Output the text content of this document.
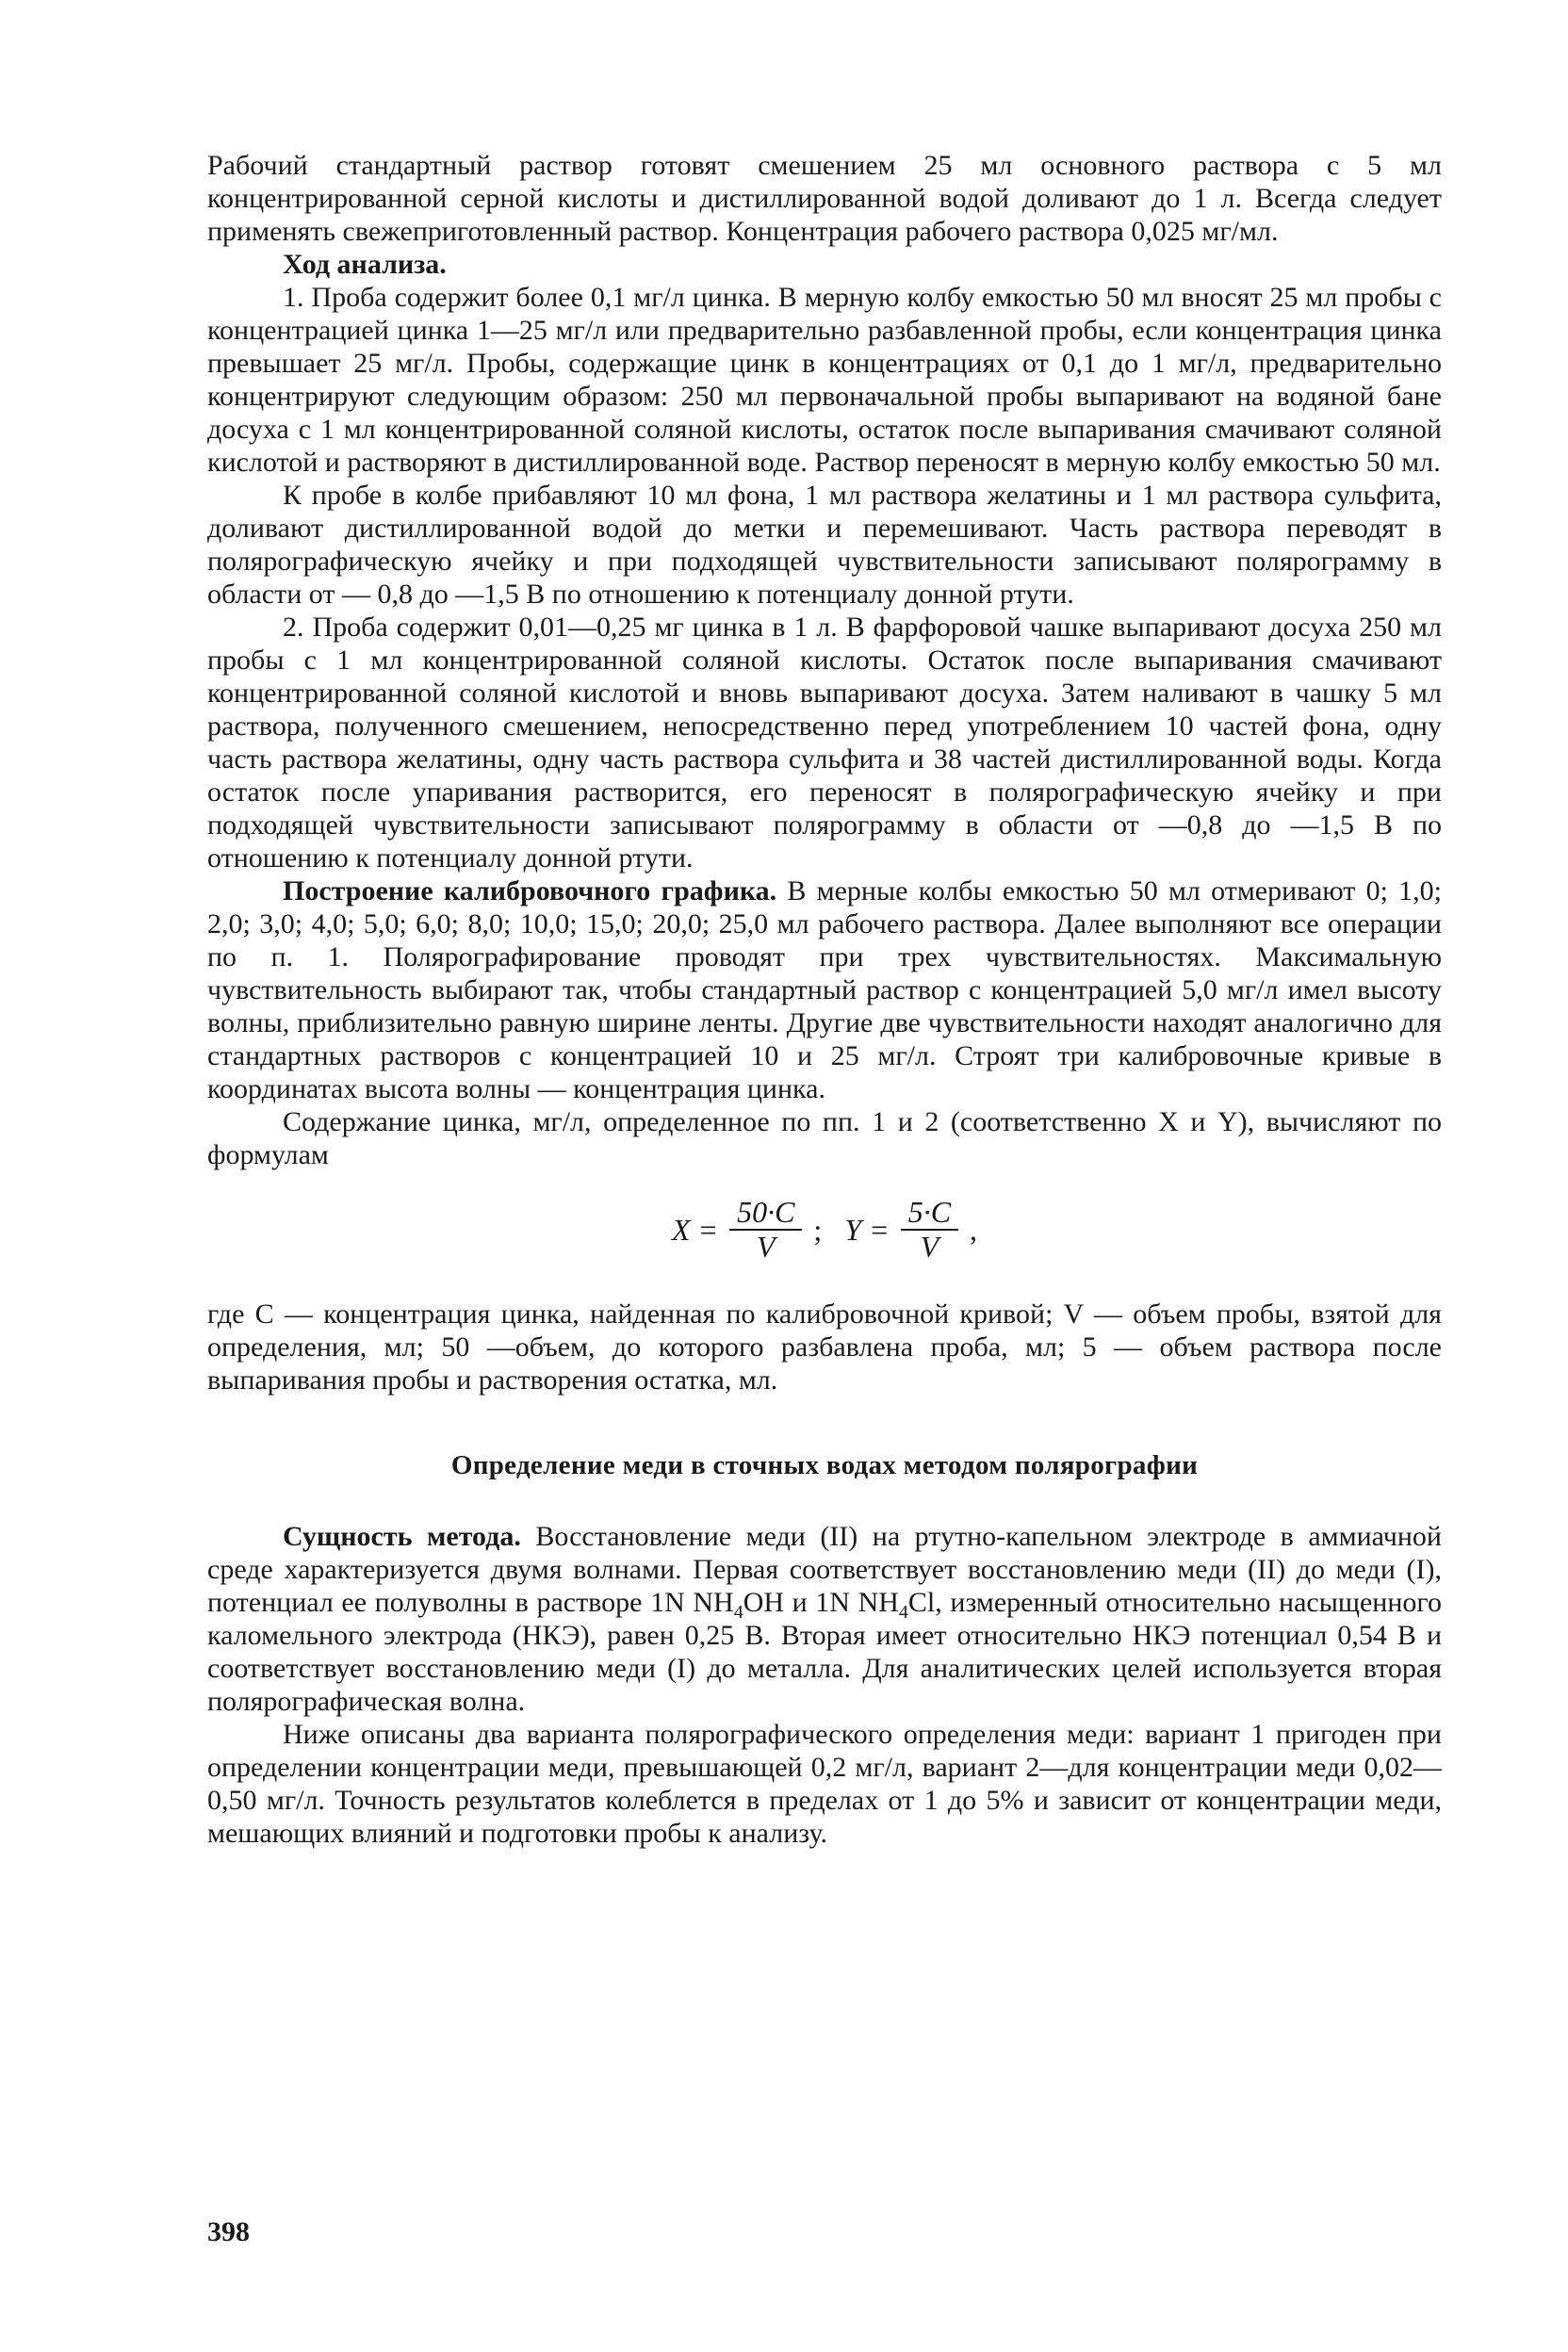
Рабочий стандартный раствор готовят смешением 25 мл основного раствора с 5 мл концентрированной серной кислоты и дистиллированной водой доливают до 1 л. Всегда следует применять свежеприготовленный раствор. Концентрация рабочего раствора 0,025 мг/мл.

Ход анализа.

1. Проба содержит более 0,1 мг/л цинка. В мерную колбу емкостью 50 мл вносят 25 мл пробы с концентрацией цинка 1—25 мг/л или предварительно разбавленной пробы, если концентрация цинка превышает 25 мг/л. Пробы, содержащие цинк в концентрациях от 0,1 до 1 мг/л, предварительно концентрируют следующим образом: 250 мл первоначальной пробы выпаривают на водяной бане досуха с 1 мл концентрированной соляной кислоты, остаток после выпаривания смачивают соляной кислотой и растворяют в дистиллированной воде. Раствор переносят в мерную колбу емкостью 50 мл.

К пробе в колбе прибавляют 10 мл фона, 1 мл раствора желатины и 1 мл раствора сульфита, доливают дистиллированной водой до метки и перемешивают. Часть раствора переводят в полярографическую ячейку и при подходящей чувствительности записывают полярограмму в области от — 0,8 до —1,5 В по отношению к потенциалу донной ртути.

2. Проба содержит 0,01—0,25 мг цинка в 1 л. В фарфоровой чашке выпаривают досуха 250 мл пробы с 1 мл концентрированной соляной кислоты. Остаток после выпаривания смачивают концентрированной соляной кислотой и вновь выпаривают досуха. Затем наливают в чашку 5 мл раствора, полученного смешением, непосредственно перед употреблением 10 частей фона, одну часть раствора желатины, одну часть раствора сульфита и 38 частей дистиллированной воды. Когда остаток после упаривания растворится, его переносят в полярографическую ячейку и при подходящей чувствительности записывают полярограмму в области от —0,8 до —1,5 В по отношению к потенциалу донной ртути.

Построение калибровочного графика. В мерные колбы емкостью 50 мл отмеривают 0; 1,0; 2,0; 3,0; 4,0; 5,0; 6,0; 8,0; 10,0; 15,0; 20,0; 25,0 мл рабочего раствора. Далее выполняют все операции по п. 1. Полярографирование проводят при трех чувствительностях. Максимальную чувствительность выбирают так, чтобы стандартный раствор с концентрацией 5,0 мг/л имел высоту волны, приблизительно равную ширине ленты. Другие две чувствительности находят аналогично для стандартных растворов с концентрацией 10 и 25 мг/л. Строят три калибровочные кривые в координатах высота волны — концентрация цинка.

Содержание цинка, мг/л, определенное по пп. 1 и 2 (соответственно X и Y), вычисляют по формулам

$X = \frac{50\cdot C}{V}$ ; $Y = \frac{5\cdot C}{V}$ ,

где C — концентрация цинка, найденная по калибровочной кривой; V — объем пробы, взятой для определения, мл; 50 —объем, до которого разбавлена проба, мл; 5 — объем раствора после выпаривания пробы и растворения остатка, мл.

Определение меди в сточных водах методом полярографии

Сущность метода. Восстановление меди (II) на ртутно-капельном электроде в аммиачной среде характеризуется двумя волнами. Первая соответствует восстановлению меди (II) до меди (I), потенциал ее полуволны в растворе 1N $NH_4OH$ и 1N $NH_4Cl$, измеренный относительно насыщенного каломельного электрода (НКЭ), равен 0,25 В. Вторая имеет относительно НКЭ потенциал 0,54 В и соответствует восстановлению меди (I) до металла. Для аналитических целей используется вторая полярографическая волна.

Ниже описаны два варианта полярографического определения меди: вариант 1 пригоден при определении концентрации меди, превышающей 0,2 мг/л, вариант 2—для концентрации меди 0,02—0,50 мг/л. Точность результатов колеблется в пределах от 1 до 5% и зависит от концентрации меди, мешающих влияний и подготовки пробы к анализу.

398
